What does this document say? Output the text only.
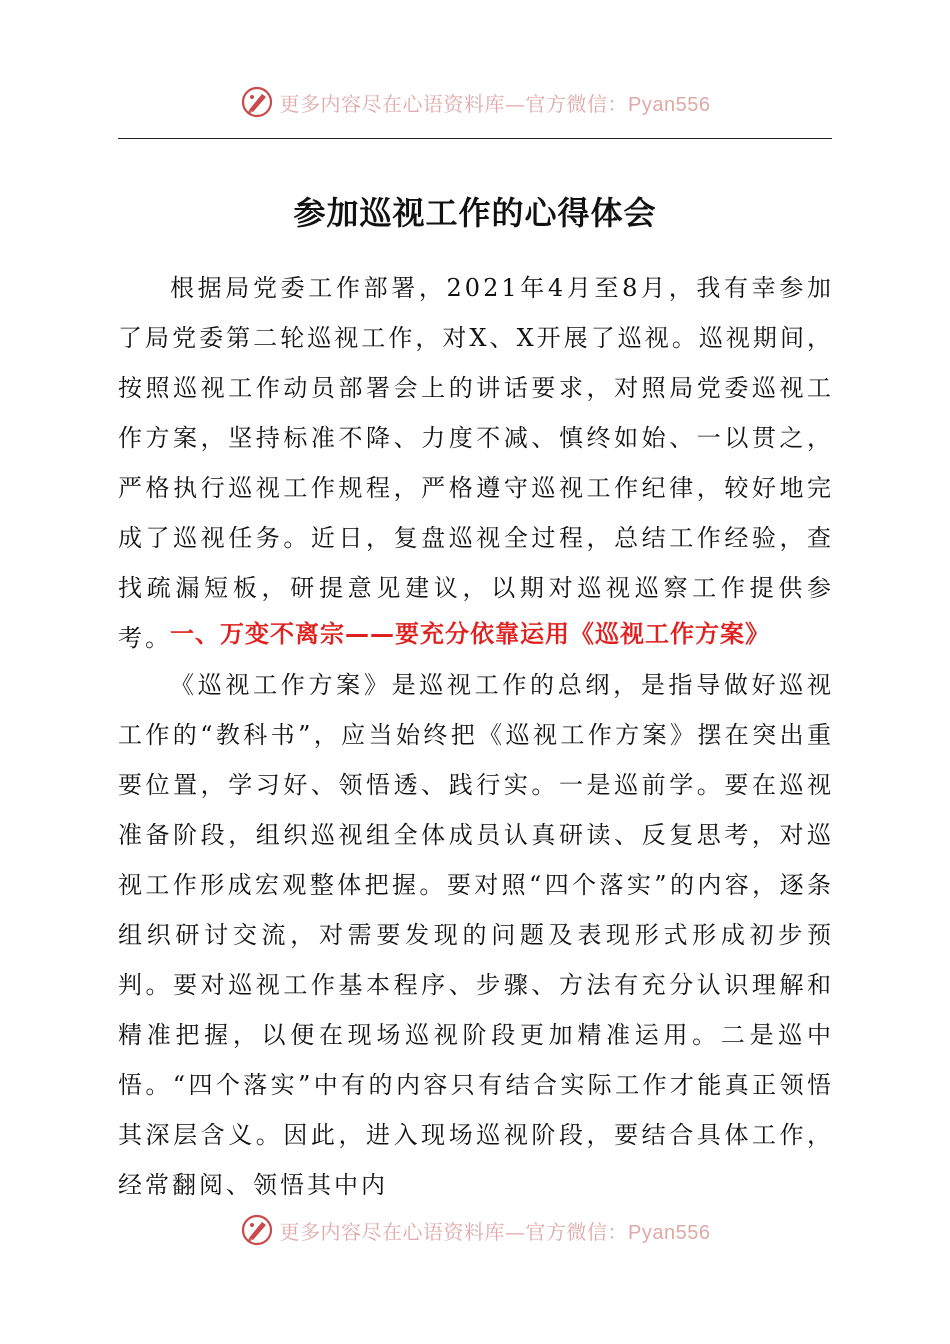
更多内容尽在心语资料库—官方微信：Pyan556
参加巡视工作的心得体会

根据局党委工作部署，2021年4月至8月，我有幸参加了局党委第二轮巡视工作，对X、X开展了巡视。巡视期间，按照巡视工作动员部署会上的讲话要求，对照局党委巡视工作方案，坚持标准不降、力度不减、慎终如始、一以贯之，严格执行巡视工作规程，严格遵守巡视工作纪律，较好地完成了巡视任务。近日，复盘巡视全过程，总结工作经验，查找疏漏短板，研提意见建议，以期对巡视巡察工作提供参考。

一、万变不离宗——要充分依靠运用《巡视工作方案》

《巡视工作方案》是巡视工作的总纲，是指导做好巡视工作的“教科书”，应当始终把《巡视工作方案》摆在突出重要位置，学习好、领悟透、践行实。一是巡前学。要在巡视准备阶段，组织巡视组全体成员认真研读、反复思考，对巡视工作形成宏观整体把握。要对照“四个落实”的内容，逐条组织研讨交流，对需要发现的问题及表现形式形成初步预判。要对巡视工作基本程序、步骤、方法有充分认识理解和精准把握，以便在现场巡视阶段更加精准运用。二是巡中悟。“四个落实”中有的内容只有结合实际工作才能真正领悟其深层含义。因此，进入现场巡视阶段，要结合具体工作，经常翻阅、领悟其中内

更多内容尽在心语资料库—官方微信：Pyan556
